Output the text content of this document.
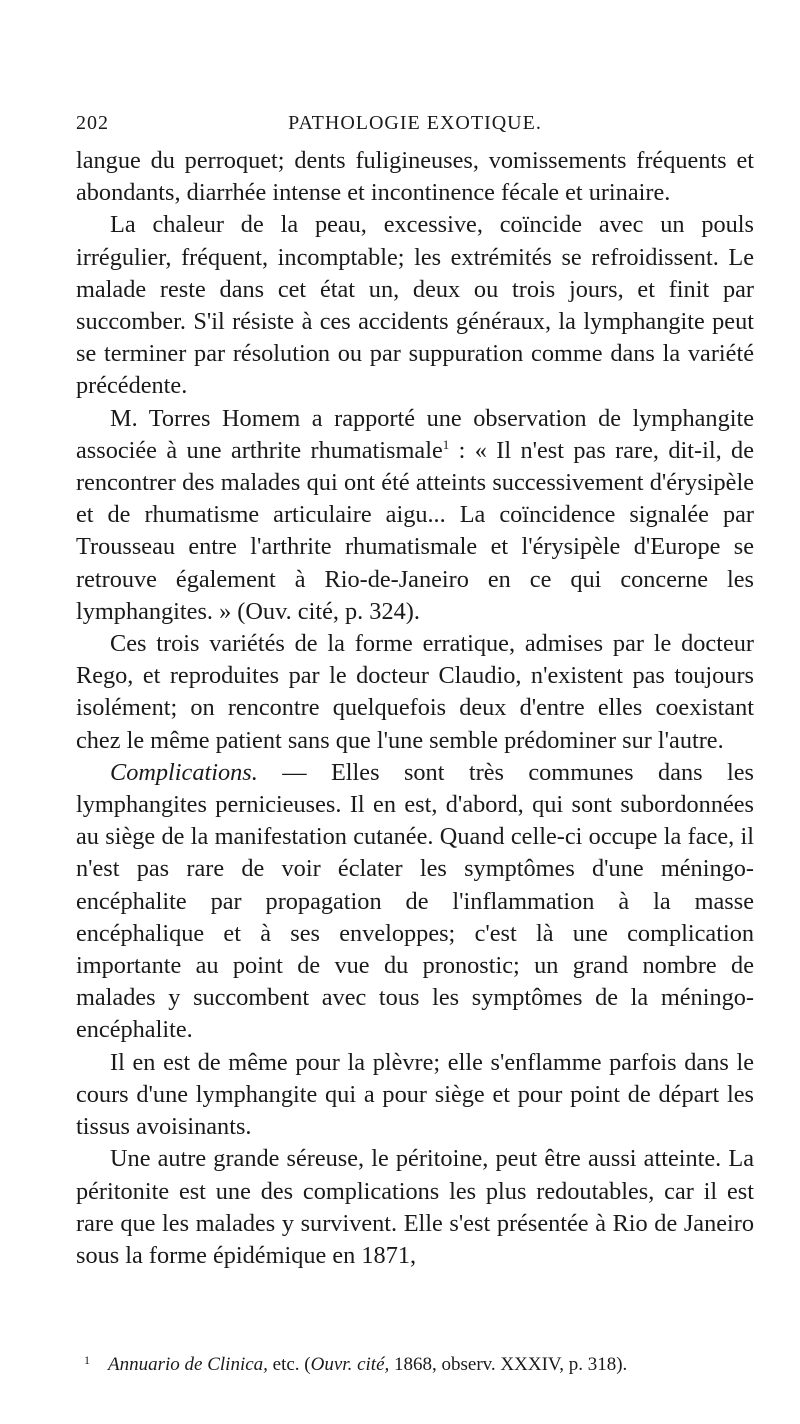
202	PATHOLOGIE EXOTIQUE.

langue du perroquet; dents fuligineuses, vomissements fréquents et abondants, diarrhée intense et incontinence fécale et urinaire.

La chaleur de la peau, excessive, coïncide avec un pouls irrégulier, fréquent, incomptable; les extrémités se refroidissent. Le malade reste dans cet état un, deux ou trois jours, et finit par succomber. S'il résiste à ces accidents généraux, la lymphangite peut se terminer par résolution ou par suppuration comme dans la variété précédente.

M. Torres Homem a rapporté une observation de lymphangite associée à une arthrite rhumatismale$^1$ : « Il n'est pas rare, dit-il, de rencontrer des malades qui ont été atteints successivement d'érysipèle et de rhumatisme articulaire aigu... La coïncidence signalée par Trousseau entre l'arthrite rhumatismale et l'érysipèle d'Europe se retrouve également à Rio-de-Janeiro en ce qui concerne les lymphangites. » (Ouv. cité, p. 324).

Ces trois variétés de la forme erratique, admises par le docteur Rego, et reproduites par le docteur Claudio, n'existent pas toujours isolément; on rencontre quelquefois deux d'entre elles coexistant chez le même patient sans que l'une semble prédominer sur l'autre.

Complications. — Elles sont très communes dans les lymphangites pernicieuses. Il en est, d'abord, qui sont subordonnées au siège de la manifestation cutanée. Quand celle-ci occupe la face, il n'est pas rare de voir éclater les symptômes d'une méningo-encéphalite par propagation de l'inflammation à la masse encéphalique et à ses enveloppes; c'est là une complication importante au point de vue du pronostic; un grand nombre de malades y succombent avec tous les symptômes de la méningo-encéphalite.

Il en est de même pour la plèvre; elle s'enflamme parfois dans le cours d'une lymphangite qui a pour siège et pour point de départ les tissus avoisinants.

Une autre grande séreuse, le péritoine, peut être aussi atteinte. La péritonite est une des complications les plus redoutables, car il est rare que les malades y survivent. Elle s'est présentée à Rio de Janeiro sous la forme épidémique en 1871,

$^1$ Annuario de Clinica, etc. (Ouvr. cité, 1868, observ. XXXIV, p. 318).
